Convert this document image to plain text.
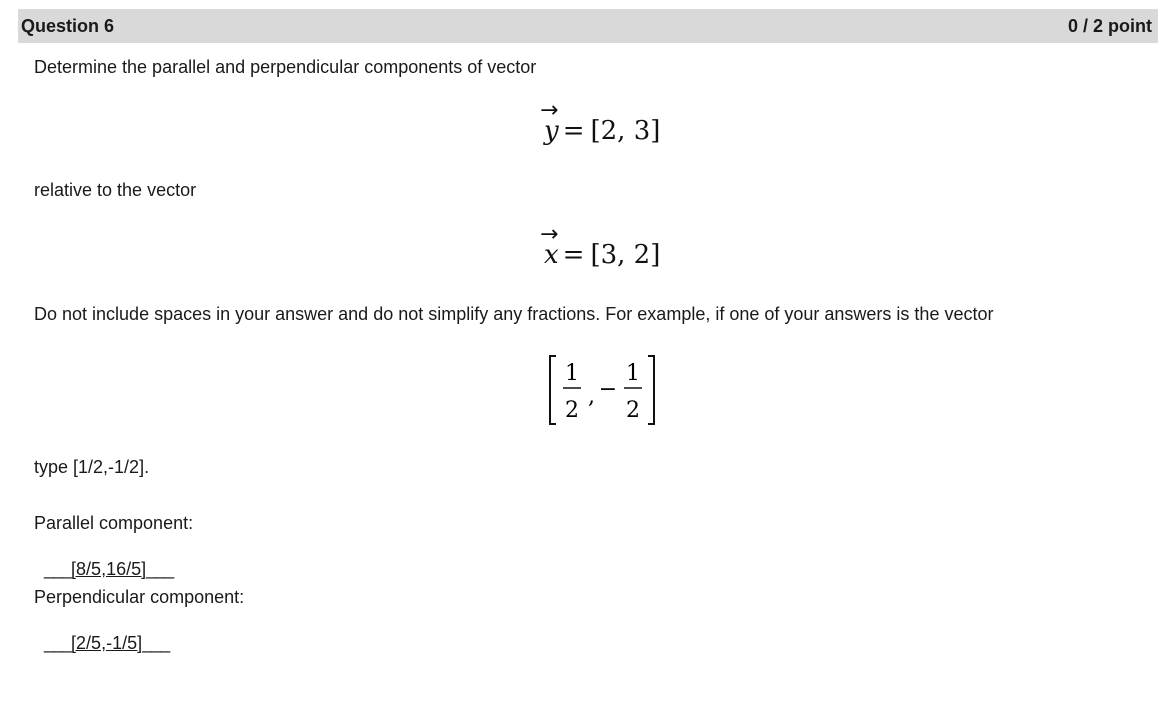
Question 6	0 / 2 point
Determine the parallel and perpendicular components of vector
→
y = [2, 3]
relative to the vector
→
x = [3, 2]
Do not include spaces in your answer and do not simplify any fractions. For example, if one of your answers is the vector
1
2
, −
1
2
type [1/2,-1/2].
Parallel component:
___[8/5,16/5]___
Perpendicular component:
___[2/5,-1/5]___
